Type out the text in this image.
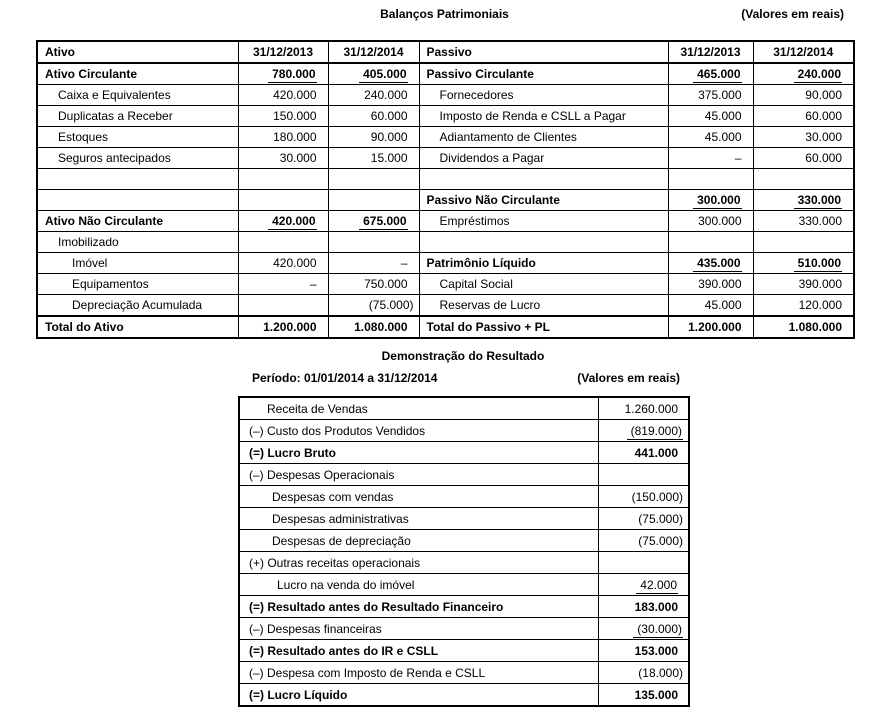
Balanços Patrimoniais	(Valores em reais)
Ativo	31/12/2013	31/12/2014	Passivo	31/12/2013	31/12/2014
Ativo Circulante	780.000	405.000	Passivo Circulante	465.000	240.000
Caixa e Equivalentes	420.000	240.000	Fornecedores	375.000	90.000
Duplicatas a Receber	150.000	60.000	Imposto de Renda e CSLL a Pagar	45.000	60.000
Estoques	180.000	90.000	Adiantamento de Clientes	45.000	30.000
Seguros antecipados	30.000	15.000	Dividendos a Pagar	–	60.000

			Passivo Não Circulante	300.000	330.000
Ativo Não Circulante	420.000	675.000	Empréstimos	300.000	330.000
Imobilizado					
Imóvel	420.000	–	Patrimônio Líquido	435.000	510.000
Equipamentos	–	750.000	Capital Social	390.000	390.000
Depreciação Acumulada		(75.000)	Reservas de Lucro	45.000	120.000
Total do Ativo	1.200.000	1.080.000	Total do Passivo + PL	1.200.000	1.080.000
Demonstração do Resultado
Período: 01/01/2014 a 31/12/2014	(Valores em reais)
Receita de Vendas	1.260.000
(–) Custo dos Produtos Vendidos	(819.000)
(=) Lucro Bruto	441.000
(–) Despesas Operacionais	
Despesas com vendas	(150.000)
Despesas administrativas	(75.000)
Despesas de depreciação	(75.000)
(+) Outras receitas operacionais	
Lucro na venda do imóvel	42.000
(=) Resultado antes do Resultado Financeiro	183.000
(–) Despesas financeiras	(30.000)
(=) Resultado antes do IR e CSLL	153.000
(–) Despesa com Imposto de Renda e CSLL	(18.000)
(=) Lucro Líquido	135.000
